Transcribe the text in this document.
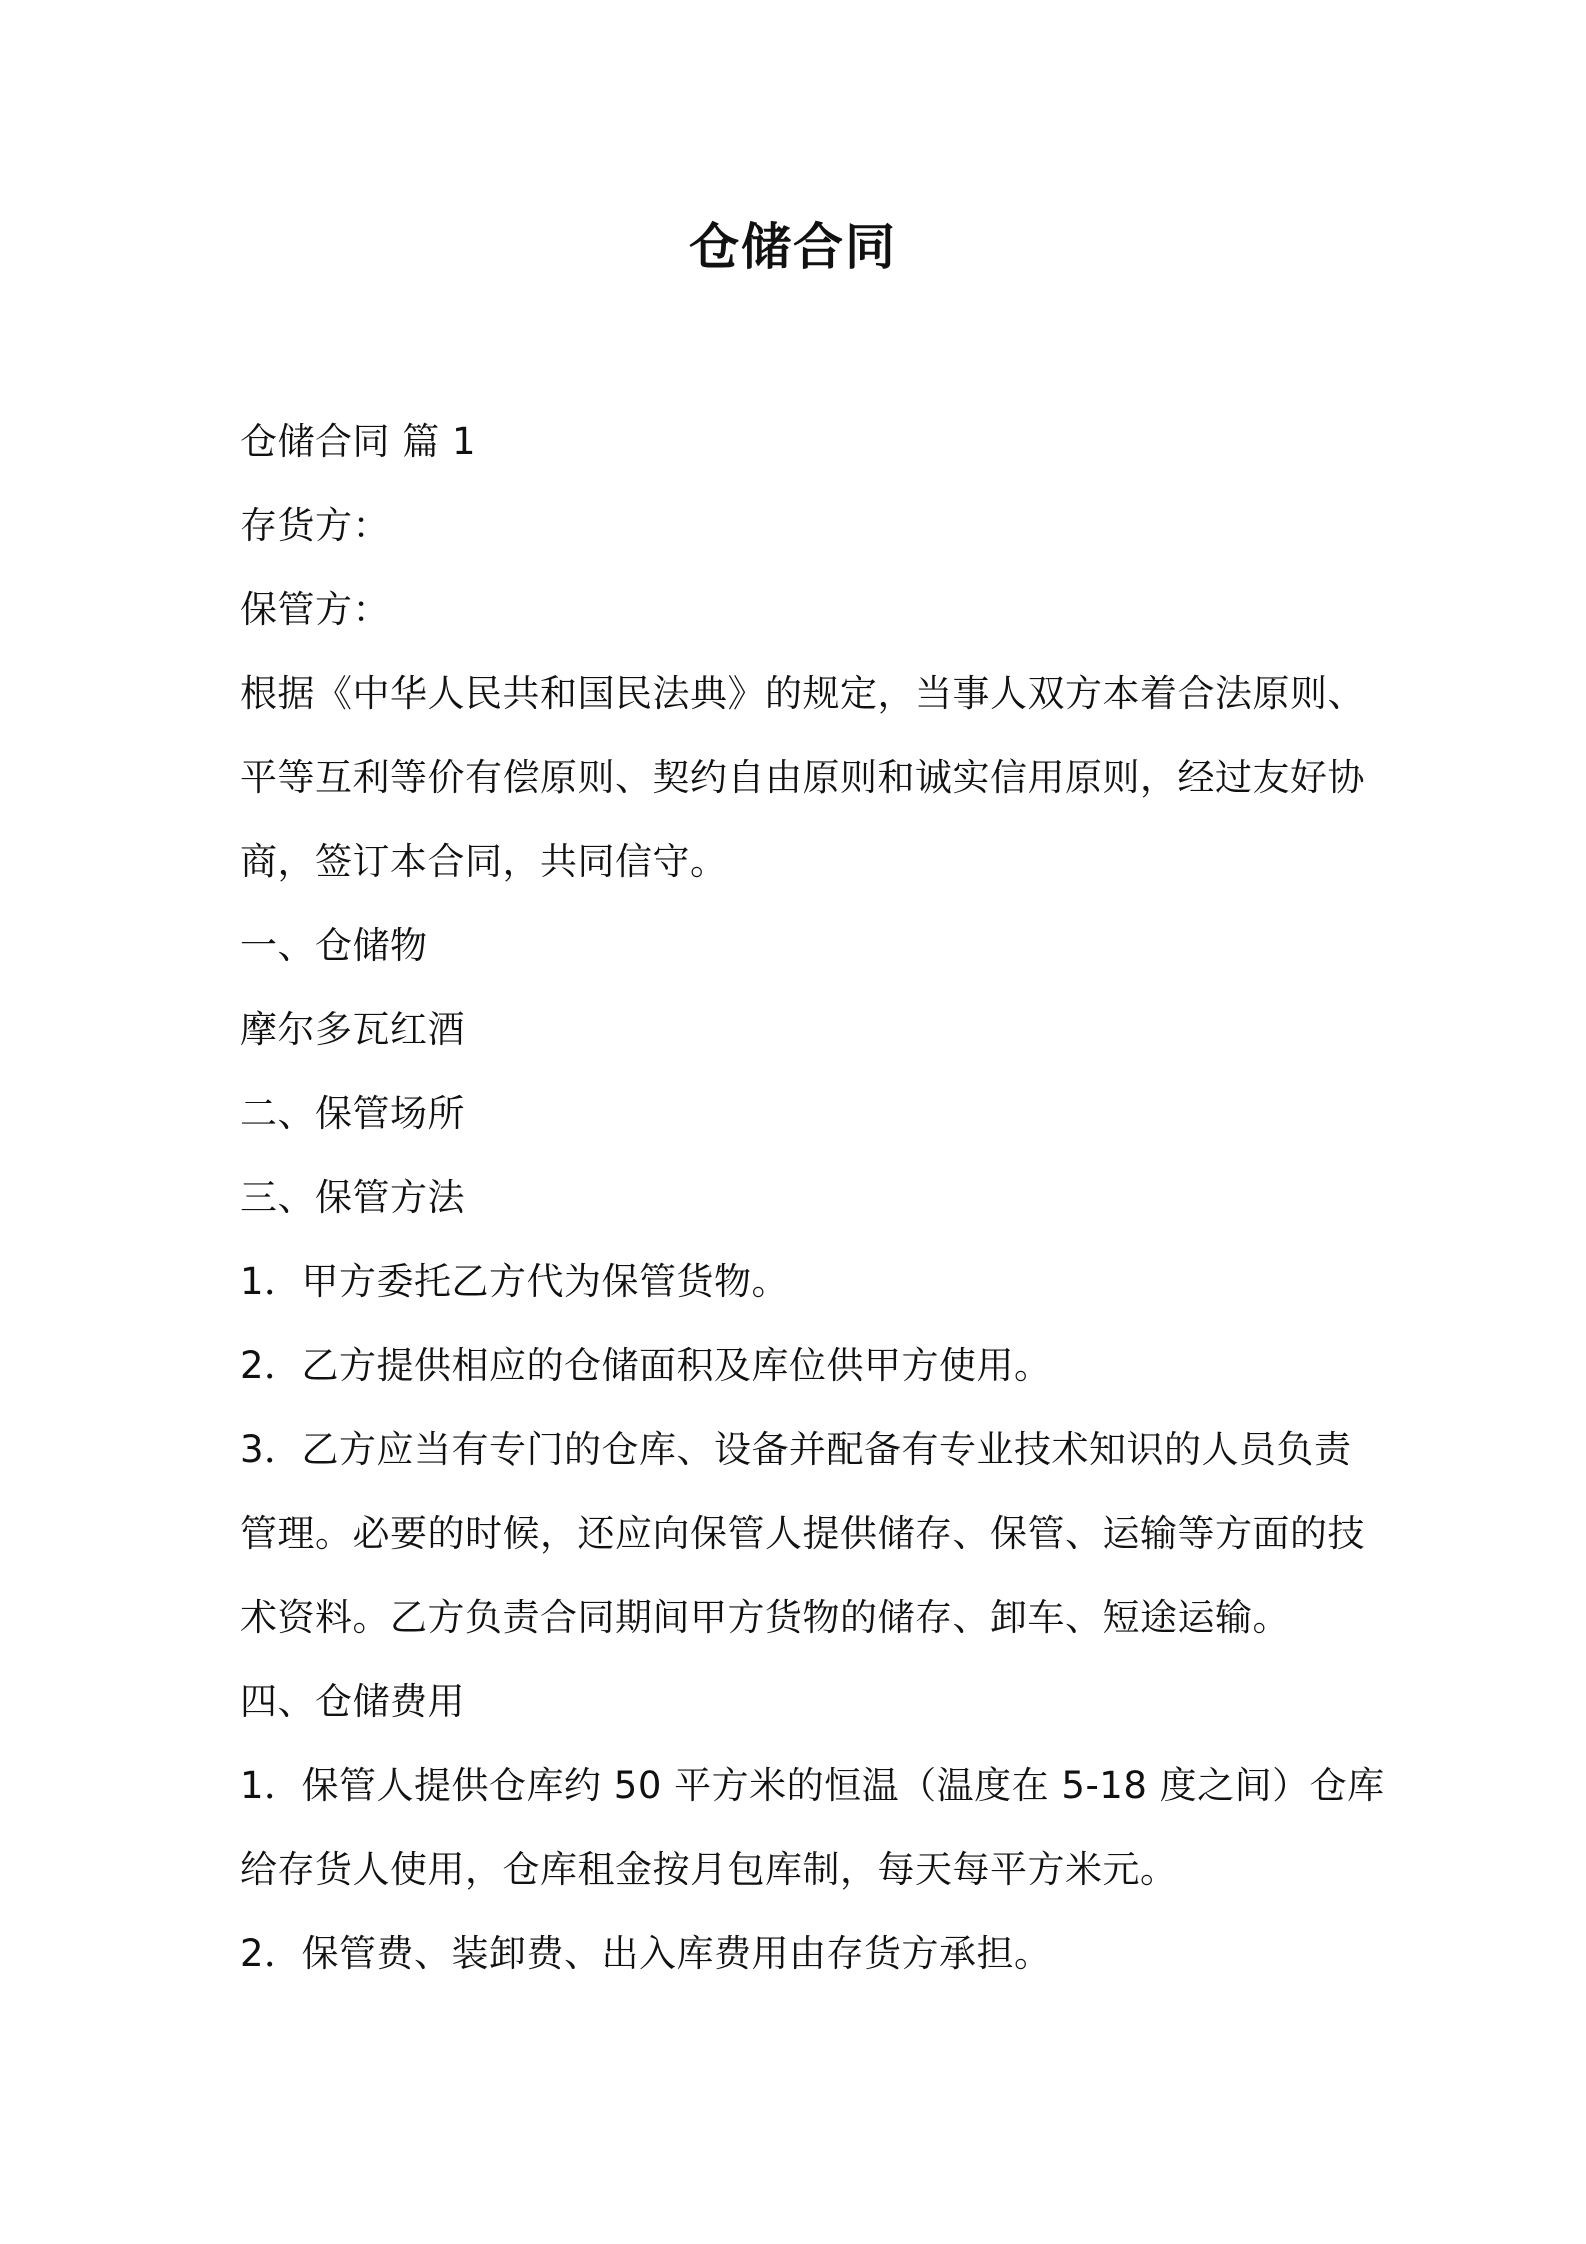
仓储合同

仓储合同 篇 1

存货方：

保管方：

根据《中华人民共和国民法典》的规定，当事人双方本着合法原则、

平等互利等价有偿原则、契约自由原则和诚实信用原则，经过友好协

商，签订本合同，共同信守。

一、仓储物

摩尔多瓦红酒

二、保管场所

三、保管方法

1．甲方委托乙方代为保管货物。

2．乙方提供相应的仓储面积及库位供甲方使用。

3．乙方应当有专门的仓库、设备并配备有专业技术知识的人员负责

管理。必要的时候，还应向保管人提供储存、保管、运输等方面的技

术资料。乙方负责合同期间甲方货物的储存、卸车、短途运输。

四、仓储费用

1．保管人提供仓库约 50 平方米的恒温（温度在 5-18 度之间）仓库

给存货人使用，仓库租金按月包库制，每天每平方米元。

2．保管费、装卸费、出入库费用由存货方承担。
